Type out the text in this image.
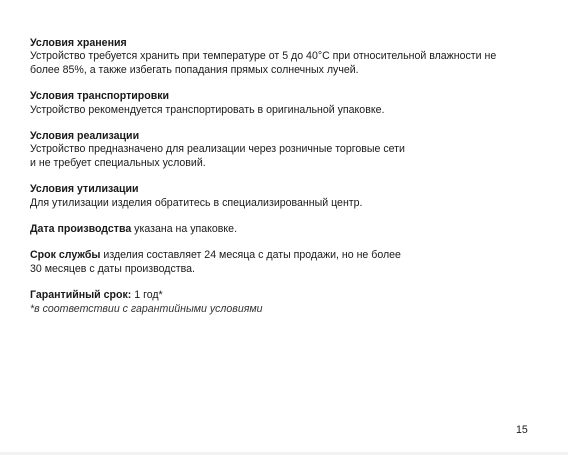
Условия хранения
Устройство требуется хранить при температуре от 5 до 40°C при относительной влажности не
более 85%, а также избегать попадания прямых солнечных лучей.
Условия транспортировки
Устройство рекомендуется транспортировать в оригинальной упаковке.
Условия реализации
Устройство предназначено для реализации через розничные торговые сети
и не требует специальных условий.
Условия утилизации
Для утилизации изделия обратитесь в специализированный центр.
Дата производства указана на упаковке.
Срок службы изделия составляет 24 месяца с даты продажи, но не более
30 месяцев с даты производства.
Гарантийный срок: 1 год*
*в соответствии с гарантийными условиями
15
